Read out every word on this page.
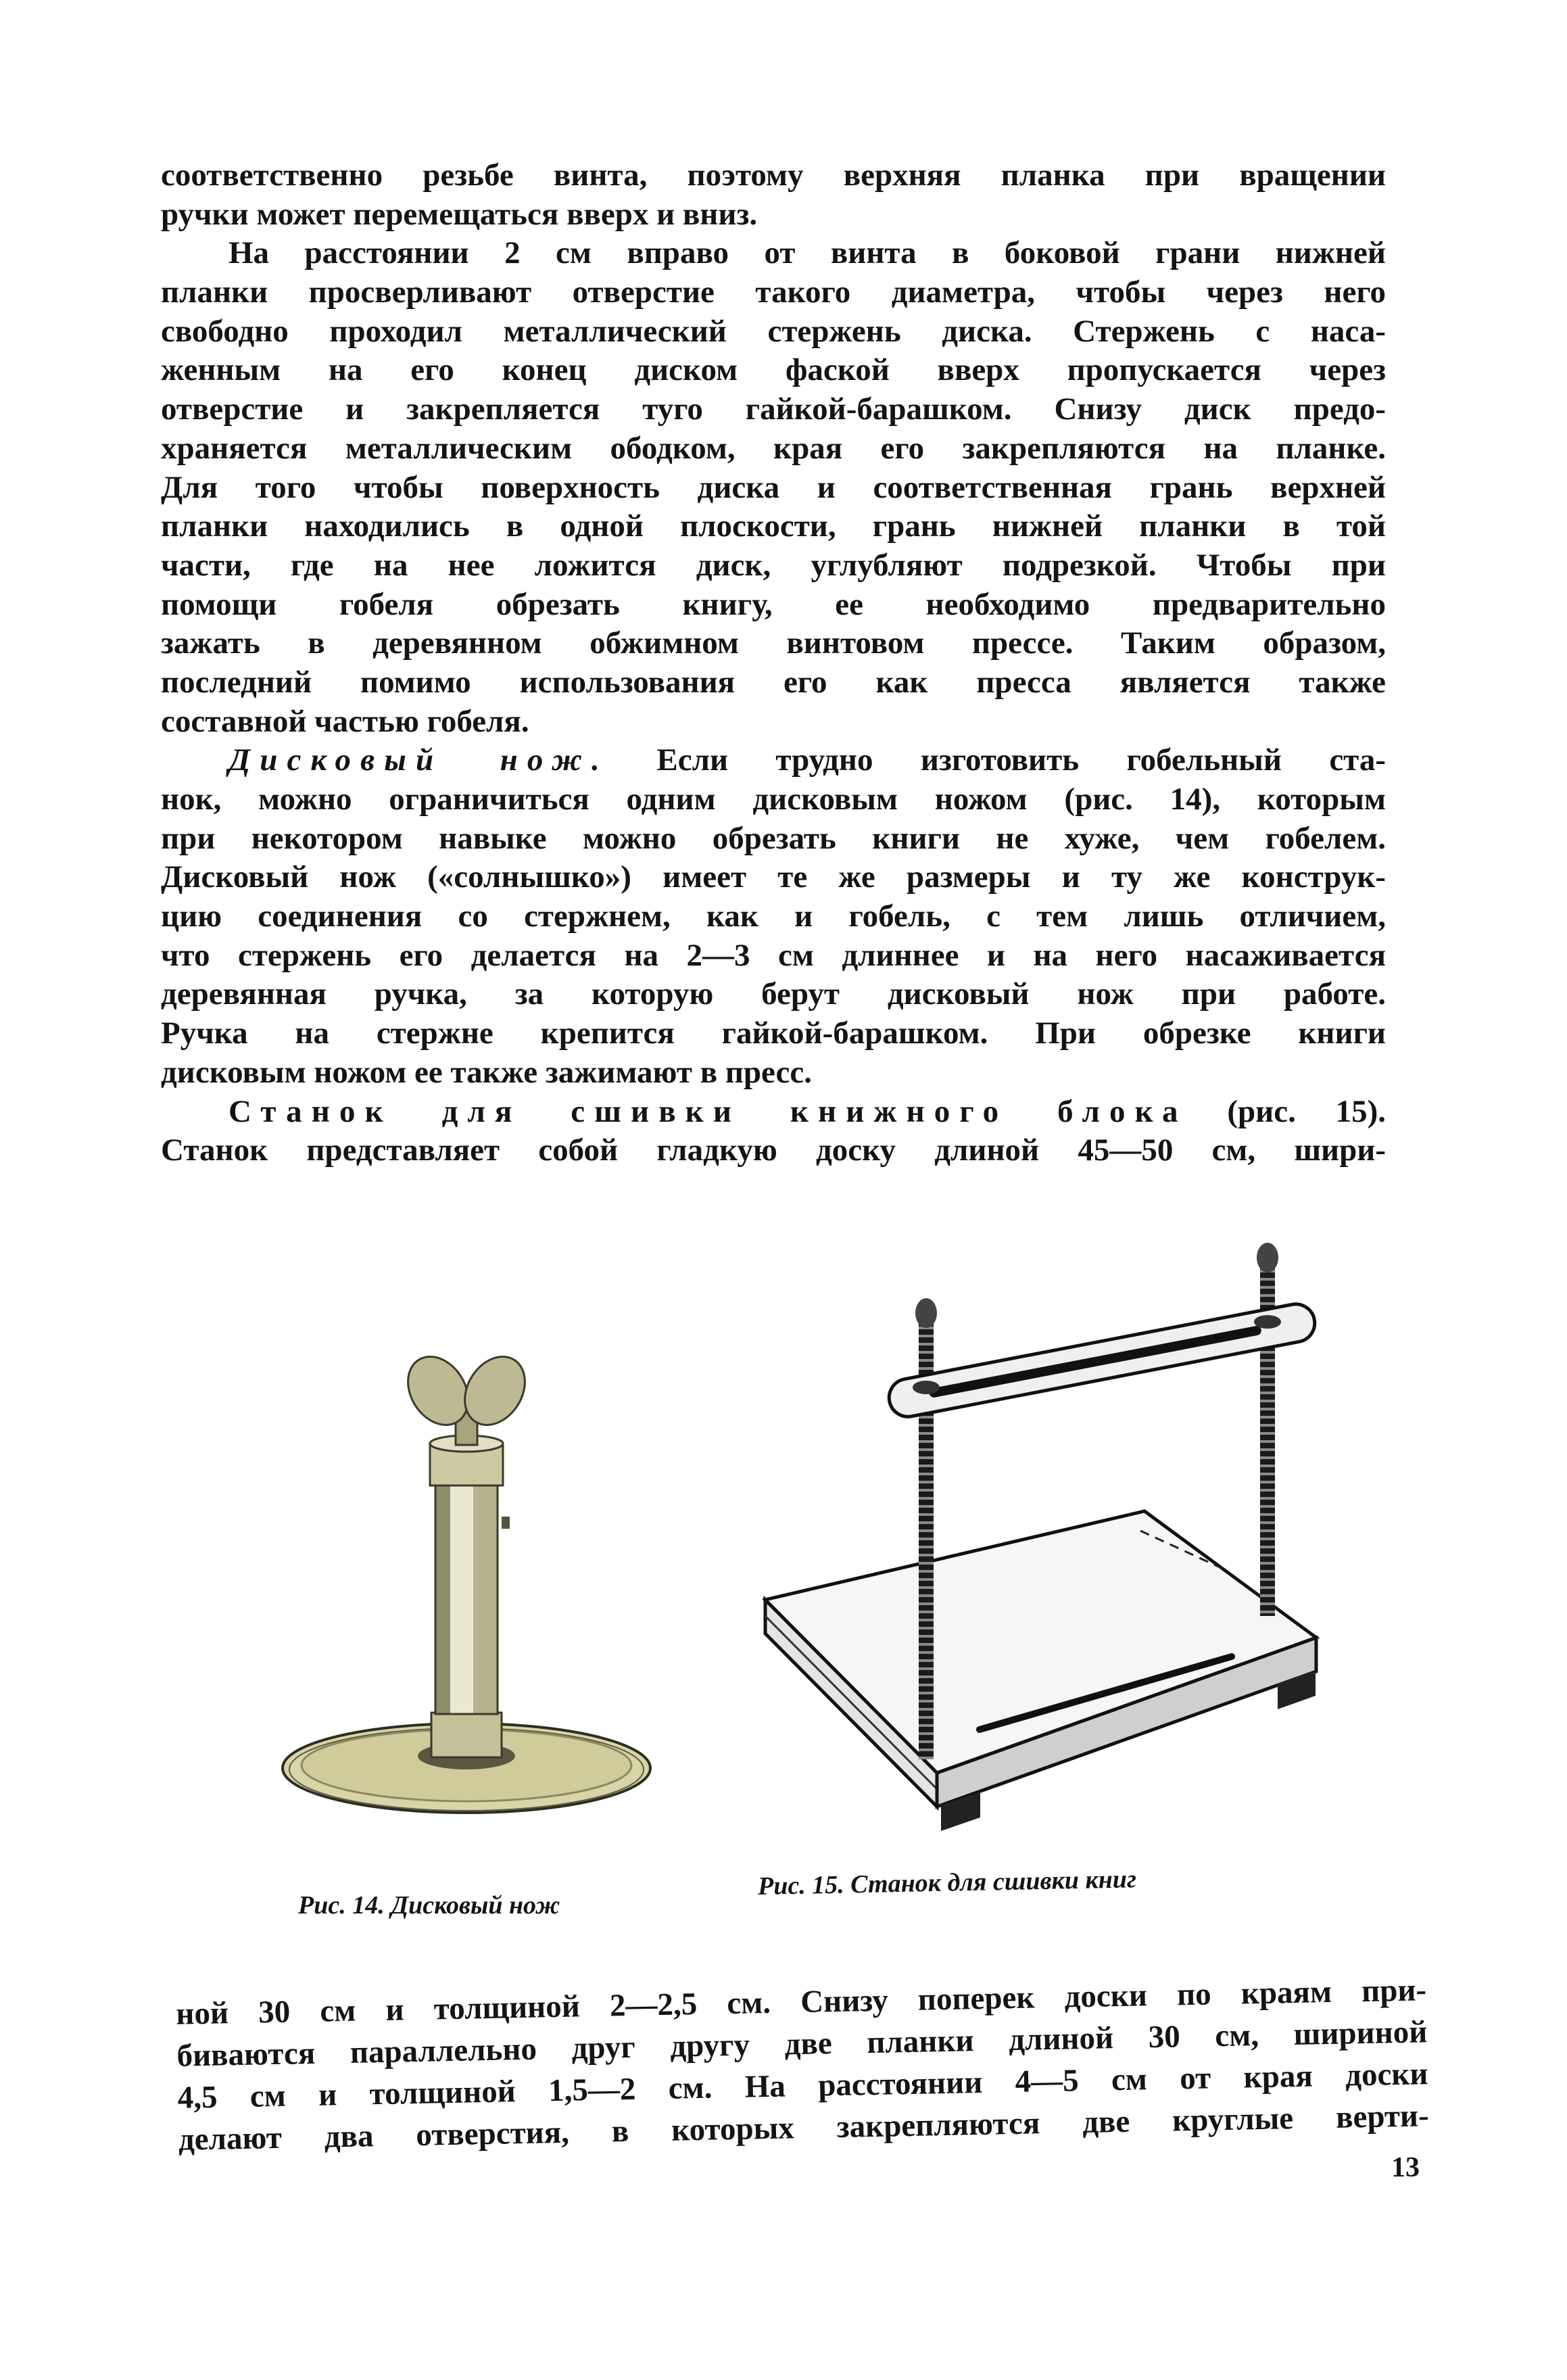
соответственно резьбе винта, поэтому верхняя планка при вращении
ручки может перемещаться вверх и вниз.
На расстоянии 2 см вправо от винта в боковой грани нижней
планки просверливают отверстие такого диаметра, чтобы через него
свободно проходил металлический стержень диска. Стержень с наса-
женным на его конец диском фаской вверх пропускается через
отверстие и закрепляется туго гайкой-барашком. Снизу диск предо-
храняется металлическим ободком, края его закрепляются на планке.
Для того чтобы поверхность диска и соответственная грань верхней
планки находились в одной плоскости, грань нижней планки в той
части, где на нее ложится диск, углубляют подрезкой. Чтобы при
помощи гобеля обрезать книгу, ее необходимо предварительно
зажать в деревянном обжимном винтовом прессе. Таким образом,
последний помимо использования его как пресса является также
составной частью гобеля.
Дисковый нож. Если трудно изготовить гобельный ста-
нок, можно ограничиться одним дисковым ножом (рис. 14), которым
при некотором навыке можно обрезать книги не хуже, чем гобелем.
Дисковый нож («солнышко») имеет те же размеры и ту же конструк-
цию соединения со стержнем, как и гобель, с тем лишь отличием,
что стержень его делается на 2—3 см длиннее и на него насаживается
деревянная ручка, за которую берут дисковый нож при работе.
Ручка на стержне крепится гайкой-барашком. При обрезке книги
дисковым ножом ее также зажимают в пресс.
Станок для сшивки книжного блока (рис. 15).
Станок представляет собой гладкую доску длиной 45—50 см, шири-
Рис. 14. Дисковый нож
Рис. 15. Станок для сшивки книг
ной 30 см и толщиной 2—2,5 см. Снизу поперек доски по краям при-
биваются параллельно друг другу две планки длиной 30 см, шириной
4,5 см и толщиной 1,5—2 см. На расстоянии 4—5 см от края доски
делают два отверстия, в которых закрепляются две круглые верти-
13
